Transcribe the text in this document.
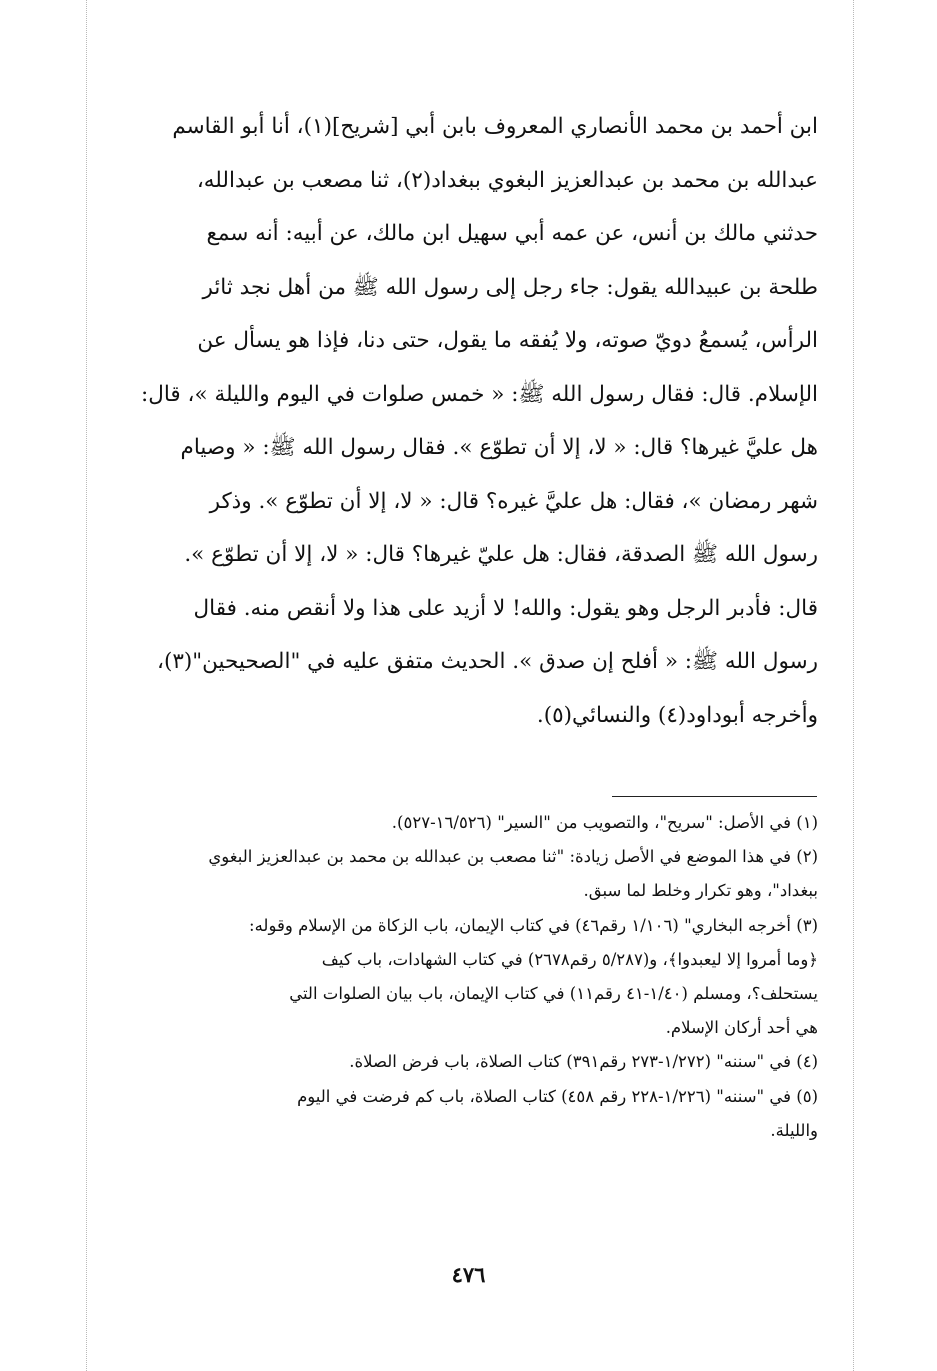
ابن أحمد بن محمد الأنصاري المعروف بابن أبي [شريح](١)، أنا أبو القاسم
عبدالله بن محمد بن عبدالعزيز البغوي ببغداد(٢)، ثنا مصعب بن عبدالله،
حدثني مالك بن أنس، عن عمه أبي سهيل ابن مالك، عن أبيه: أنه سمع
طلحة بن عبيدالله يقول: جاء رجل إلى رسول الله ﷺ من أهل نجد ثائر
الرأس، يُسمعُ دويّ صوته، ولا يُفقه ما يقول، حتى دنا، فإذا هو يسأل عن
الإسلام. قال: فقال رسول الله ﷺ: « خمس صلوات في اليوم والليلة »، قال:
هل عليَّ غيرها؟ قال: « لا، إلا أن تطوّع ». فقال رسول الله ﷺ: « وصيام
شهر رمضان »، فقال: هل عليَّ غيره؟ قال: « لا، إلا أن تطوّع ». وذكر
رسول الله ﷺ الصدقة، فقال: هل عليّ غيرها؟ قال: « لا، إلا أن تطوّع ».
قال: فأدبر الرجل وهو يقول: والله! لا أزيد على هذا ولا أنقص منه. فقال
رسول الله ﷺ: « أفلح إن صدق ». الحديث متفق عليه في "الصحيحين"(٣)،
وأخرجه أبوداود(٤) والنسائي(٥).
(١) في الأصل: "سريح"، والتصويب من "السير" (١٦/٥٢٦-٥٢٧).
(٢) في هذا الموضع في الأصل زيادة: "ثنا مصعب بن عبدالله بن محمد بن عبدالعزيز البغوي
ببغداد"، وهو تكرار وخلط لما سبق.
(٣) أخرجه البخاري" (١/١٠٦ رقم٤٦) في كتاب الإيمان، باب الزكاة من الإسلام وقوله:
﴿وما أمروا إلا ليعبدوا﴾، و(٥/٢٨٧ رقم٢٦٧٨) في كتاب الشهادات، باب كيف
يستحلف؟، ومسلم (١/٤٠-٤١ رقم١١) في كتاب الإيمان، باب بيان الصلوات التي
هي أحد أركان الإسلام.
(٤) في "سننه" (١/٢٧٢-٢٧٣ رقم٣٩١) كتاب الصلاة، باب فرض الصلاة.
(٥) في "سننه" (١/٢٢٦-٢٢٨ رقم ٤٥٨) كتاب الصلاة، باب كم فرضت في اليوم
والليلة.
٤٧٦
